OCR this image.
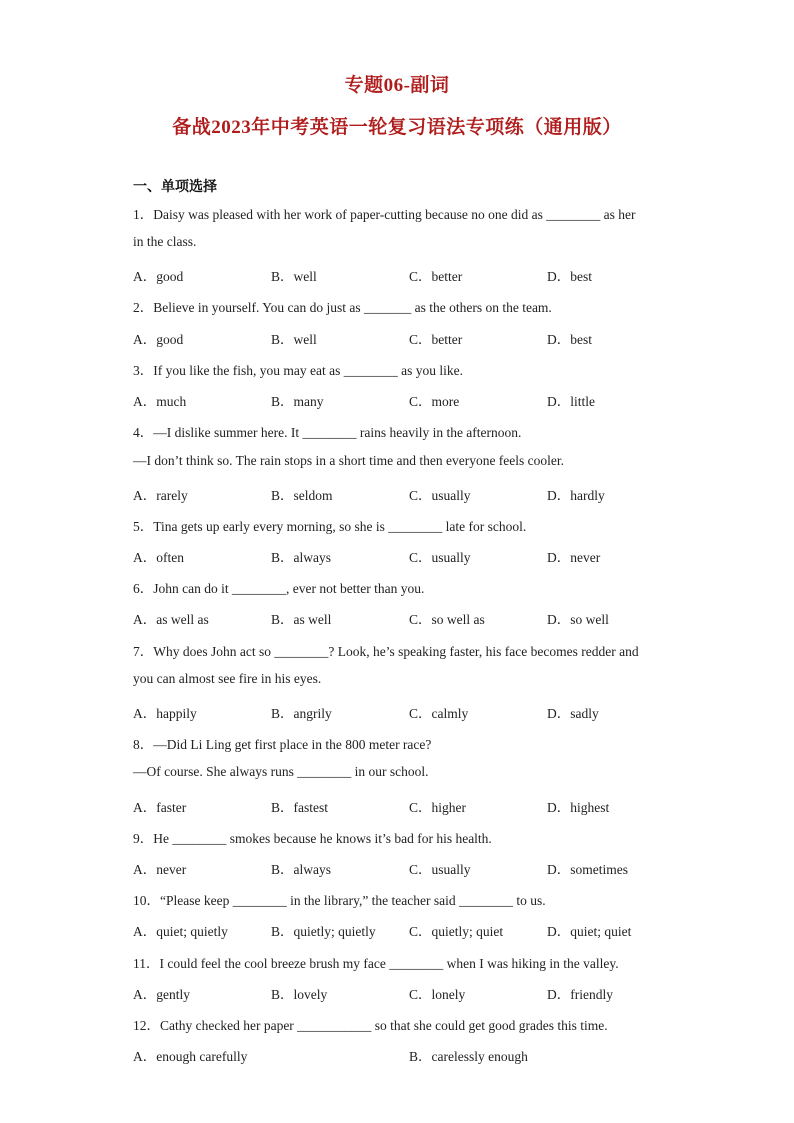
专题06-副词
备战2023年中考英语一轮复习语法专项练（通用版）
一、单项选择
1．Daisy was pleased with her work of paper-cutting because no one did as ________ as her
in the class.
A．good	B．well	C．better	D．best
2．Believe in yourself. You can do just as _______ as the others on the team.
A．good	B．well	C．better	D．best
3．If you like the fish, you may eat as ________ as you like.
A．much	B．many	C．more	D．little
4．—I dislike summer here. It ________ rains heavily in the afternoon.
—I don’t think so. The rain stops in a short time and then everyone feels cooler.
A．rarely	B．seldom	C．usually	D．hardly
5．Tina gets up early every morning, so she is ________ late for school.
A．often	B．always	C．usually	D．never
6．John can do it ________, ever not better than you.
A．as well as	B．as well	C．so well as	D．so well
7．Why does John act so ________? Look, he’s speaking faster, his face becomes redder and
you can almost see fire in his eyes.
A．happily	B．angrily	C．calmly	D．sadly
8．—Did Li Ling get first place in the 800 meter race?
—Of course. She always runs ________ in our school.
A．faster	B．fastest	C．higher	D．highest
9．He ________ smokes because he knows it’s bad for his health.
A．never	B．always	C．usually	D．sometimes
10．“Please keep ________ in the library,” the teacher said ________ to us.
A．quiet; quietly	B．quietly; quietly C．quietly; quiet	D．quiet; quiet
11．I could feel the cool breeze brush my face ________ when I was hiking in the valley.
A．gently	B．lovely	C．lonely	D．friendly
12．Cathy checked her paper ___________ so that she could get good grades this time.
A．enough carefully	B．carelessly enough
